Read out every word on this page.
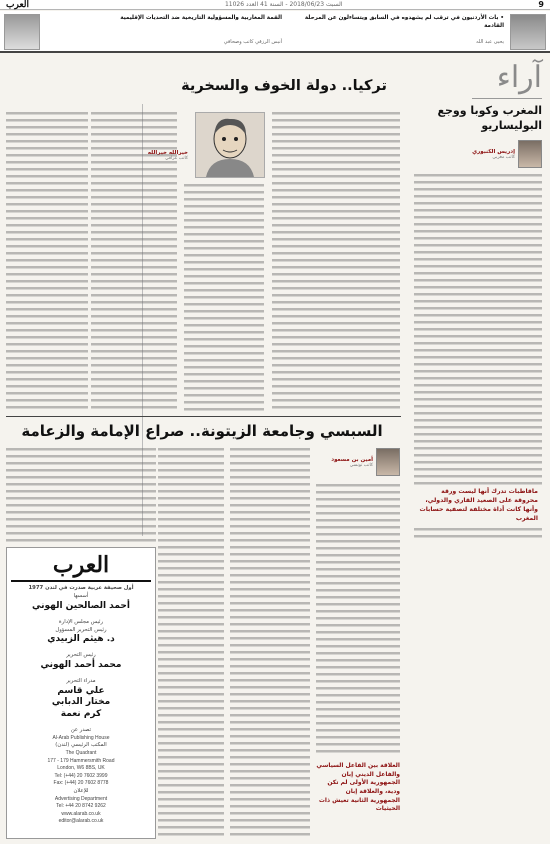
9
السبت 2018/06/23 - السنة 41 العدد 11026
العرب
• بات الأردنيون في ترقب لم يشهدوه في السابق ويتساءلون عن المرحلة القادمة
يحيى عبد الله
القمة المغاربية والمسؤولية التاريخية ضد التحديات الإقليمية
أنيس الرزقي كاتب وصحافي
آراء
المغرب وكوبا ووجع البوليساريو
إدريس الكنبوري
كاتب مغربي
ماقاطبات تدرك أنها ليست ورقة محروقة على الصعيد القاري والدولي، وأنها كانت أداة مختلفة لتصفية حسابات المغرب
تركيا.. دولة الخوف والسخرية
خيرالله خيرالله
كاتب عراقي
السبسي وجامعة الزيتونة.. صراع الإمامة والزعامة
أمين بن مسعود
كاتب تونسي
العلاقة بين الفاعل السياسي والفاعل الديني إبان الجمهورية الأولى لم تكن ودية، والعلاقة إبان الجمهورية الثانية تعيش ذات الحيثيات
العرب
أول صحيفة عربية صدرت في لندن 1977
أسسها
أحمد الصالحين الهوني
رئيس مجلس الإدارة
رئيس التحرير المسؤول
د. هيثم الزبيدي
رئيس التحرير
محمد أحمد الهوني
مدراء التحرير
علي قاسم
مختار الدبابي
كرم نعمة
تصدر عن
Al-Arab Publishing House
المكتب الرئيسي (لندن)
The Quadrant
177 - 179 Hammersmith Road
London, W6 8BS, UK
Tel: (+44) 20 7602 3999
Fax: (+44) 20 7602 8778
للإعلان
Advertising Department
Tel: +44 20 8742 9262
www.alarab.co.uk
editor@alarab.co.uk
